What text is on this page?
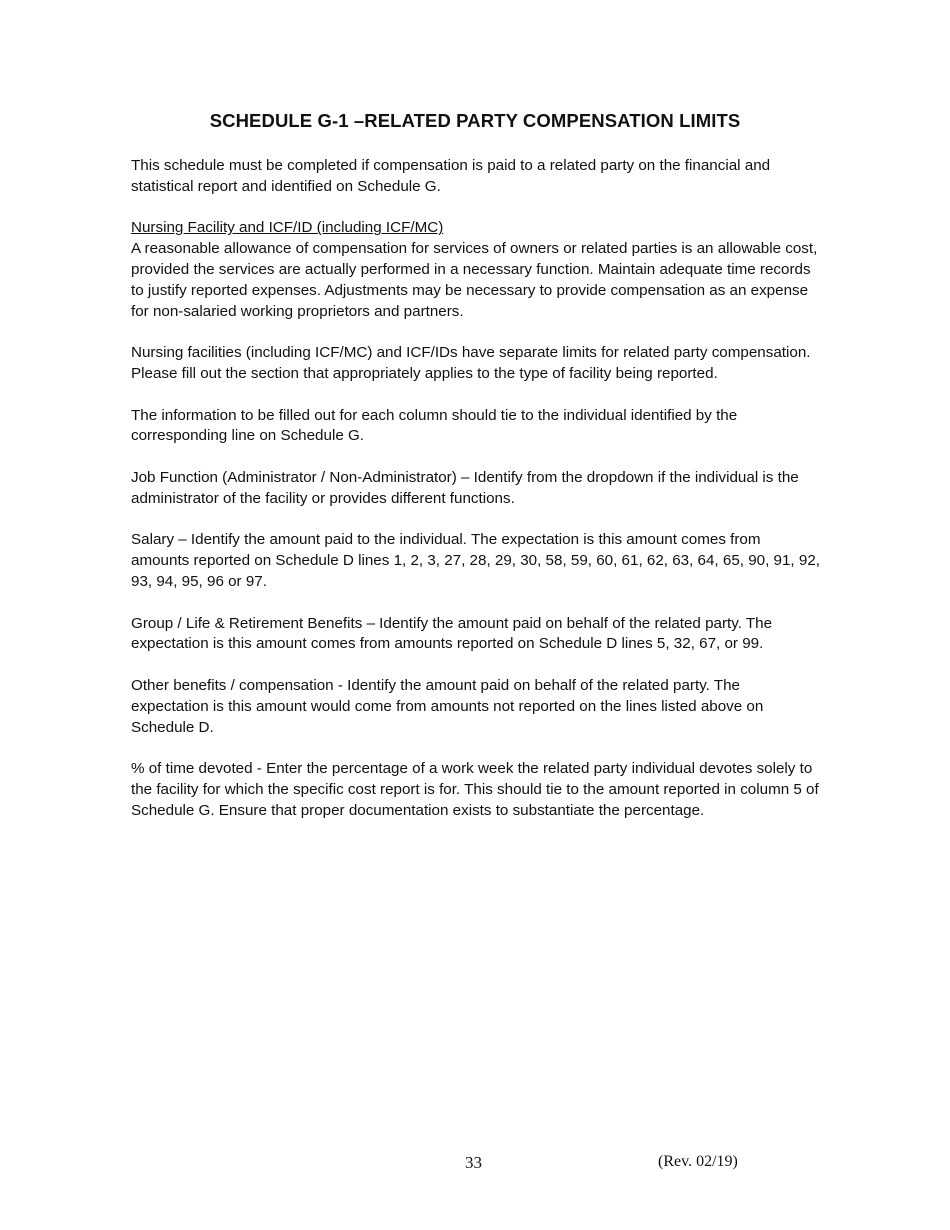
SCHEDULE G-1 –RELATED PARTY COMPENSATION LIMITS

This schedule must be completed if compensation is paid to a related party on the financial and statistical report and identified on Schedule G.

Nursing Facility and ICF/ID (including ICF/MC)
A reasonable allowance of compensation for services of owners or related parties is an allowable cost, provided the services are actually performed in a necessary function. Maintain adequate time records to justify reported expenses. Adjustments may be necessary to provide compensation as an expense for non-salaried working proprietors and partners.

Nursing facilities (including ICF/MC) and ICF/IDs have separate limits for related party compensation. Please fill out the section that appropriately applies to the type of facility being reported.

The information to be filled out for each column should tie to the individual identified by the corresponding line on Schedule G.

Job Function (Administrator / Non-Administrator) – Identify from the dropdown if the individual is the administrator of the facility or provides different functions.

Salary – Identify the amount paid to the individual. The expectation is this amount comes from amounts reported on Schedule D lines 1, 2, 3, 27, 28, 29, 30, 58, 59, 60, 61, 62, 63, 64, 65, 90, 91, 92, 93, 94, 95, 96 or 97.

Group / Life & Retirement Benefits – Identify the amount paid on behalf of the related party. The expectation is this amount comes from amounts reported on Schedule D lines 5, 32, 67, or 99.

Other benefits / compensation - Identify the amount paid on behalf of the related party. The expectation is this amount would come from amounts not reported on the lines listed above on Schedule D.

% of time devoted - Enter the percentage of a work week the related party individual devotes solely to the facility for which the specific cost report is for. This should tie to the amount reported in column 5 of Schedule G. Ensure that proper documentation exists to substantiate the percentage.

33	(Rev. 02/19)
